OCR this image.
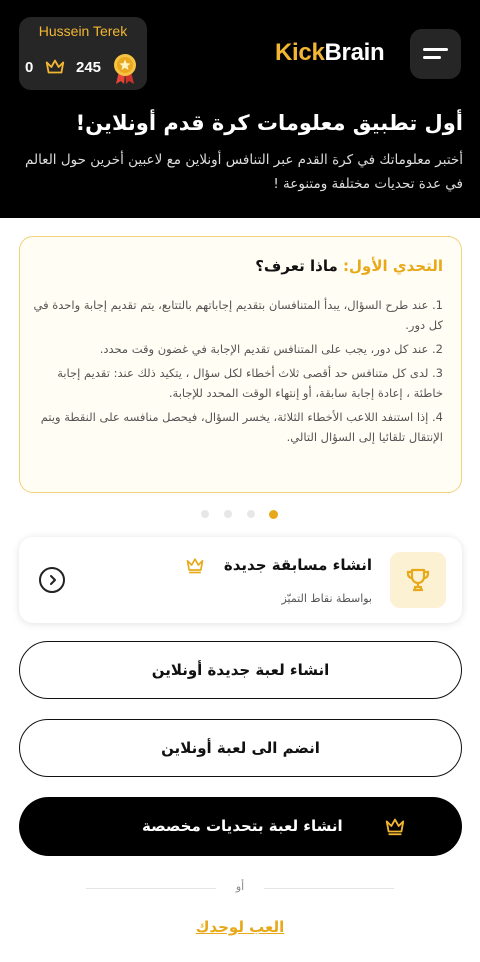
Hussein Terek
0	245
KickBrain
أول تطبيق معلومات كرة قدم أونلاين!
أختبر معلوماتك في كرة القدم عبر التنافس أونلاين مع لاعبين أخرين حول العالم في عدة تحديات مختلفة ومتنوعة !
التحدي الأول: ماذا تعرف؟
1. عند طرح السؤال، يبدأ المتنافسان بتقديم إجاباتهم بالتتابع، يتم تقديم إجابة واحدة في كل دور.
2. عند كل دور، يجب على المتنافس تقديم الإجابة في غضون وقت محدد.
3. لدى كل متنافس حد أقصى ثلاث أخطاء لكل سؤال ، يتكيد ذلك عند: تقديم إجابة خاطئة ، إعادة إجابة سابقة، أو إنتهاء الوقت المحدد للإجابة.
4. إذا استنفد اللاعب الأخطاء الثلاثة، يخسر السؤال، فيحصل منافسه على النقطة ويتم الإنتقال تلقائيا إلى السؤال التالي.
انشاء مسابقة جديدة
بواسطة نقاط التميّز
انشاء لعبة جديدة أونلاين
انضم الى لعبة أونلاين
انشاء لعبة بتحديات مخصصة
أو
العب لوحدك
